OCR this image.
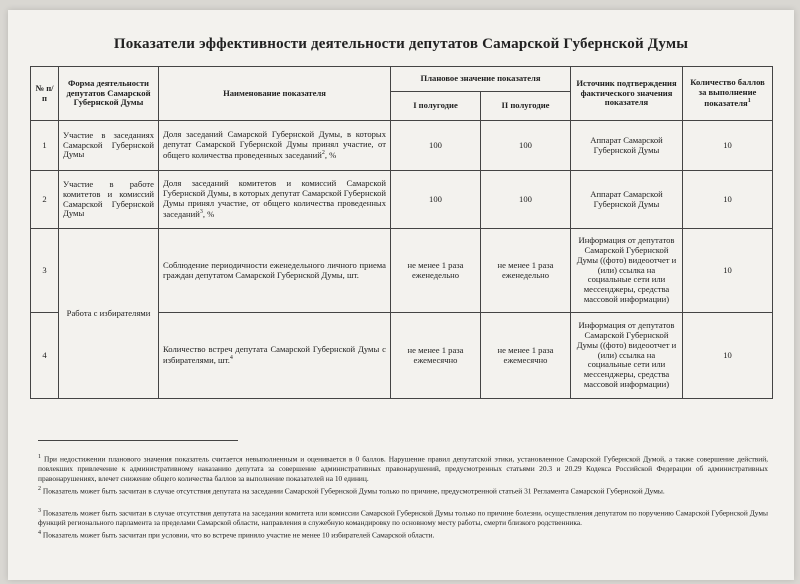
Показатели эффективности деятельности депутатов Самарской Губернской Думы
№ п/п	Форма деятельности депутатов Самарской Губернской Думы	Наименование показателя	Плановое значение показателя		Источник подтверждения фактического значения показателя	Количество баллов за выполнение показателя$^1$
			I полугодие	II полугодие		
1	Участие в заседаниях Самарской Губернской Думы	Доля заседаний Самарской Губернской Думы, в которых депутат Самарской Губернской Думы принял участие, от общего количества проведенных заседаний$^2$, %	100	100	Аппарат Самарской Губернской Думы	10
2	Участие в работе комитетов и комиссий Самарской Губернской Думы	Доля заседаний комитетов и комиссий Самарской Губернской Думы, в которых депутат Самарской Губернской Думы принял участие, от общего количества проведенных заседаний$^3$, %	100	100	Аппарат Самарской Губернской Думы	10
3	Работа с избирателями	Соблюдение периодичности еженедельного личного приема граждан депутатом Самарской Губернской Думы, шт.	не менее 1 раза еженедельно	не менее 1 раза еженедельно	Информация от депутатов Самарской Губернской Думы ((фото) видеоотчет и (или) ссылка на социальные сети или мессенджеры, средства массовой информации)	10
4		Количество встреч депутата Самарской Губернской Думы с избирателями, шт.$^4$	не менее 1 раза ежемесячно	не менее 1 раза ежемесячно	Информация от депутатов Самарской Губернской Думы ((фото) видеоотчет и (или) ссылка на социальные сети или мессенджеры, средства массовой информации)	10

$^1$ При недостижении планового значения показатель считается невыполненным и оценивается в 0 баллов. Нарушение правил депутатской этики, установленное Самарской Губернской Думой, а также совершение действий, повлекших привлечение к административному наказанию депутата за совершение административных правонарушений, предусмотренных статьями 20.3 и 20.29 Кодекса Российской Федерации об административных правонарушениях, влечет снижение общего количества баллов за выполнение показателей на 10 единиц.

$^2$ Показатель может быть засчитан в случае отсутствия депутата на заседании Самарской Губернской Думы только по причине, предусмотренной статьей 31 Регламента Самарской Губернской Думы.

$^3$ Показатель может быть засчитан в случае отсутствия депутата на заседании комитета или комиссии Самарской Губернской Думы только по причине болезни, осуществления депутатом по поручению Самарской Губернской Думы функций регионального парламента за пределами Самарской области, направления в служебную командировку по основному месту работы, смерти близкого родственника.

$^4$ Показатель может быть засчитан при условии, что во встрече приняло участие не менее 10 избирателей Самарской области.
